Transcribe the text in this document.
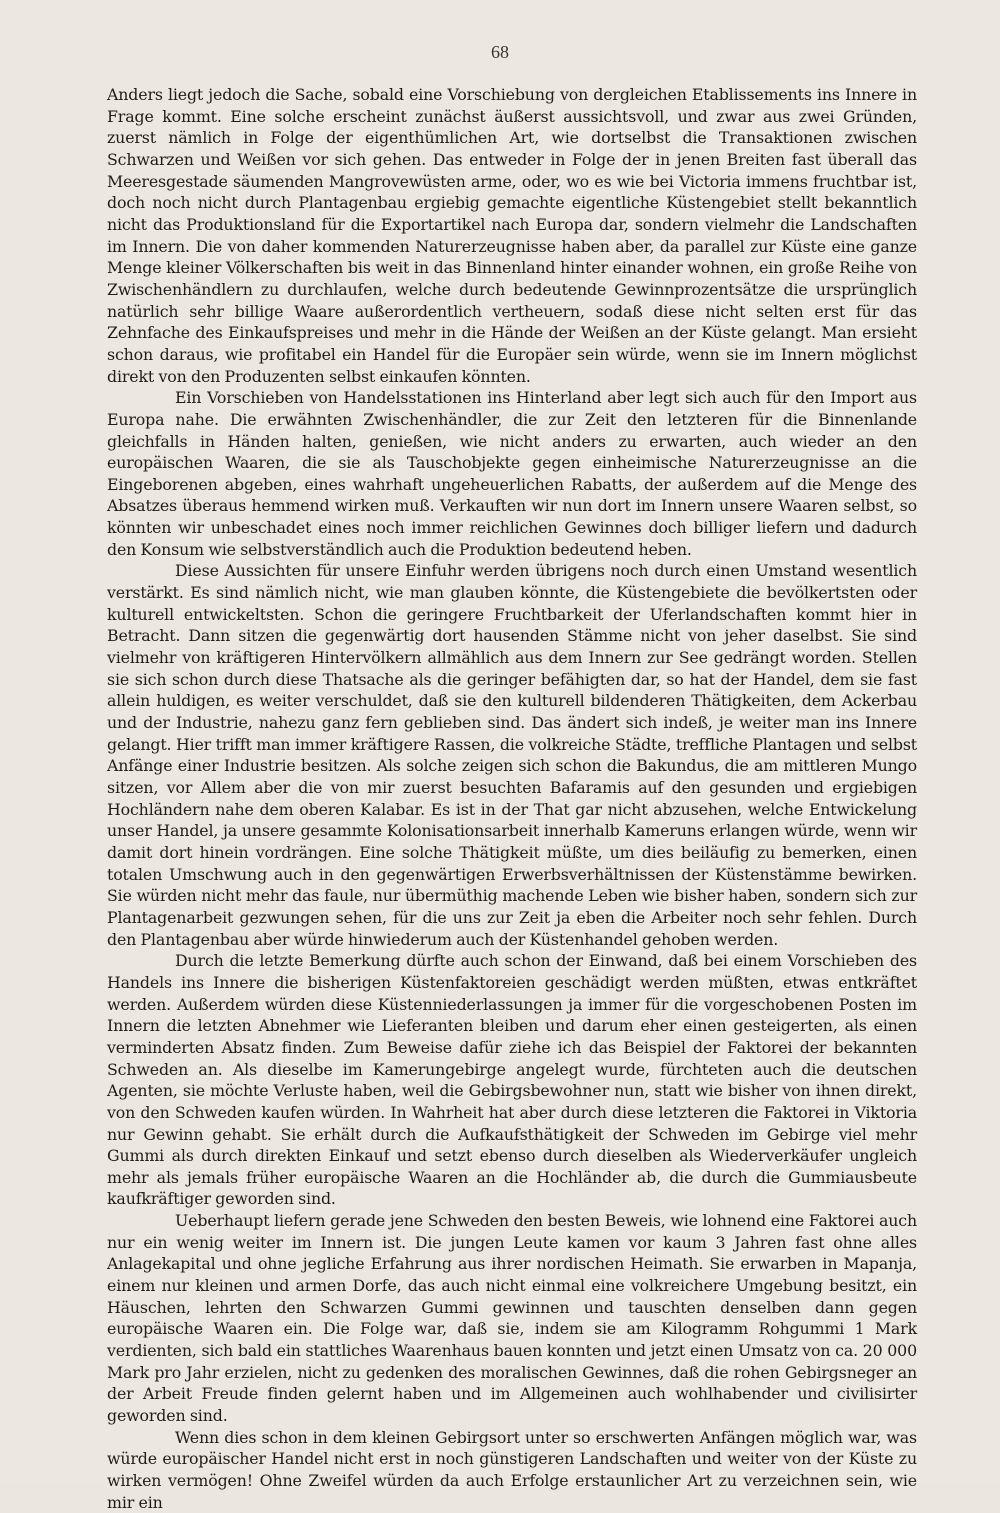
68

Anders liegt jedoch die Sache, sobald eine Vorschiebung von dergleichen Etablissements ins Innere in Frage kommt. Eine solche erscheint zunächst äußerst aussichtsvoll, und zwar aus zwei Gründen, zuerst nämlich in Folge der eigenthümlichen Art, wie dortselbst die Transaktionen zwischen Schwarzen und Weißen vor sich gehen. Das entweder in Folge der in jenen Breiten fast überall das Meeresgestade säumenden Mangrovewüsten arme, oder, wo es wie bei Victoria immens fruchtbar ist, doch noch nicht durch Plantagenbau ergiebig gemachte eigentliche Küstengebiet stellt bekanntlich nicht das Produktionsland für die Exportartikel nach Europa dar, sondern vielmehr die Landschaften im Innern. Die von daher kommenden Naturerzeugnisse haben aber, da parallel zur Küste eine ganze Menge kleiner Völkerschaften bis weit in das Binnenland hinter einander wohnen, ein große Reihe von Zwischenhändlern zu durchlaufen, welche durch bedeutende Gewinnprozentsätze die ursprünglich natürlich sehr billige Waare außerordentlich vertheuern, sodaß diese nicht selten erst für das Zehnfache des Einkaufspreises und mehr in die Hände der Weißen an der Küste gelangt. Man ersieht schon daraus, wie profitabel ein Handel für die Europäer sein würde, wenn sie im Innern möglichst direkt von den Produzenten selbst einkaufen könnten.

Ein Vorschieben von Handelsstationen ins Hinterland aber legt sich auch für den Import aus Europa nahe. Die erwähnten Zwischenhändler, die zur Zeit den letzteren für die Binnenlande gleichfalls in Händen halten, genießen, wie nicht anders zu erwarten, auch wieder an den europäischen Waaren, die sie als Tauschobjekte gegen einheimische Naturerzeugnisse an die Eingeborenen abgeben, eines wahrhaft ungeheuerlichen Rabatts, der außerdem auf die Menge des Absatzes überaus hemmend wirken muß. Verkauften wir nun dort im Innern unsere Waaren selbst, so könnten wir unbeschadet eines noch immer reichlichen Gewinnes doch billiger liefern und dadurch den Konsum wie selbstverständlich auch die Produktion bedeutend heben.

Diese Aussichten für unsere Einfuhr werden übrigens noch durch einen Umstand wesentlich verstärkt. Es sind nämlich nicht, wie man glauben könnte, die Küstengebiete die bevölkertsten oder kulturell entwickeltsten. Schon die geringere Fruchtbarkeit der Uferlandschaften kommt hier in Betracht. Dann sitzen die gegenwärtig dort hausenden Stämme nicht von jeher daselbst. Sie sind vielmehr von kräftigeren Hintervölkern allmählich aus dem Innern zur See gedrängt worden. Stellen sie sich schon durch diese Thatsache als die geringer befähigten dar, so hat der Handel, dem sie fast allein huldigen, es weiter verschuldet, daß sie den kulturell bildenderen Thätigkeiten, dem Ackerbau und der Industrie, nahezu ganz fern geblieben sind. Das ändert sich indeß, je weiter man ins Innere gelangt. Hier trifft man immer kräftigere Rassen, die volkreiche Städte, treffliche Plantagen und selbst Anfänge einer Industrie besitzen. Als solche zeigen sich schon die Bakundus, die am mittleren Mungo sitzen, vor Allem aber die von mir zuerst besuchten Bafaramis auf den gesunden und ergiebigen Hochländern nahe dem oberen Kalabar. Es ist in der That gar nicht abzusehen, welche Entwickelung unser Handel, ja unsere gesammte Kolonisationsarbeit innerhalb Kameruns erlangen würde, wenn wir damit dort hinein vordrängen. Eine solche Thätigkeit müßte, um dies beiläufig zu bemerken, einen totalen Umschwung auch in den gegenwärtigen Erwerbsverhältnissen der Küstenstämme bewirken. Sie würden nicht mehr das faule, nur übermüthig machende Leben wie bisher haben, sondern sich zur Plantagenarbeit gezwungen sehen, für die uns zur Zeit ja eben die Arbeiter noch sehr fehlen. Durch den Plantagenbau aber würde hinwiederum auch der Küstenhandel gehoben werden.

Durch die letzte Bemerkung dürfte auch schon der Einwand, daß bei einem Vorschieben des Handels ins Innere die bisherigen Küstenfaktoreien geschädigt werden müßten, etwas entkräftet werden. Außerdem würden diese Küstenniederlassungen ja immer für die vorgeschobenen Posten im Innern die letzten Abnehmer wie Lieferanten bleiben und darum eher einen gesteigerten, als einen verminderten Absatz finden. Zum Beweise dafür ziehe ich das Beispiel der Faktorei der bekannten Schweden an. Als dieselbe im Kamerungebirge angelegt wurde, fürchteten auch die deutschen Agenten, sie möchte Verluste haben, weil die Gebirgsbewohner nun, statt wie bisher von ihnen direkt, von den Schweden kaufen würden. In Wahrheit hat aber durch diese letzteren die Faktorei in Viktoria nur Gewinn gehabt. Sie erhält durch die Aufkaufsthätigkeit der Schweden im Gebirge viel mehr Gummi als durch direkten Einkauf und setzt ebenso durch dieselben als Wiederverkäufer ungleich mehr als jemals früher europäische Waaren an die Hochländer ab, die durch die Gummiausbeute kaufkräftiger geworden sind.

Ueberhaupt liefern gerade jene Schweden den besten Beweis, wie lohnend eine Faktorei auch nur ein wenig weiter im Innern ist. Die jungen Leute kamen vor kaum 3 Jahren fast ohne alles Anlagekapital und ohne jegliche Erfahrung aus ihrer nordischen Heimath. Sie erwarben in Mapanja, einem nur kleinen und armen Dorfe, das auch nicht einmal eine volkreichere Umgebung besitzt, ein Häuschen, lehrten den Schwarzen Gummi gewinnen und tauschten denselben dann gegen europäische Waaren ein. Die Folge war, daß sie, indem sie am Kilogramm Rohgummi 1 Mark verdienten, sich bald ein stattliches Waarenhaus bauen konnten und jetzt einen Umsatz von ca. 20 000 Mark pro Jahr erzielen, nicht zu gedenken des moralischen Gewinnes, daß die rohen Gebirgsneger an der Arbeit Freude finden gelernt haben und im Allgemeinen auch wohlhabender und civilisirter geworden sind.

Wenn dies schon in dem kleinen Gebirgsort unter so erschwerten Anfängen möglich war, was würde europäischer Handel nicht erst in noch günstigeren Landschaften und weiter von der Küste zu wirken vermögen! Ohne Zweifel würden da auch Erfolge erstaunlicher Art zu verzeichnen sein, wie mir ein
